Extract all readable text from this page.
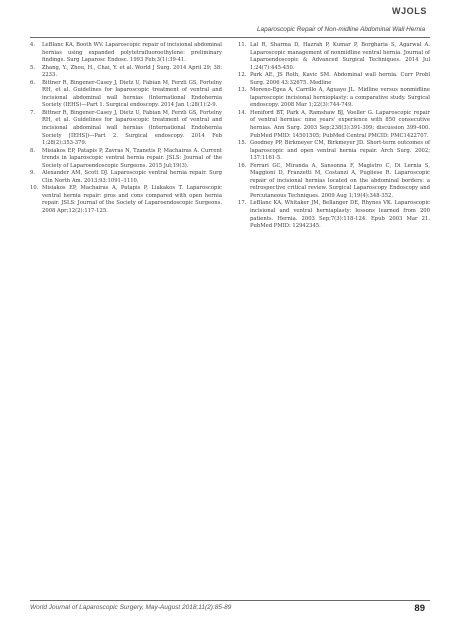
WJOLS
Laparoscopic Repair of Non-midline Abdominal Wall Hernia
4.	LeBlanc KA, Booth WV. Laparoscopic repair of incisional abdominal hernias using expanded polytetrafluoroethylene: preliminary findings. Surg Laparosc Endosc. 1993 Feb;3(1):39-41.
5.	Zhang, Y., Zhou, H., Chai, Y. et al. World J Surg. 2014 April 29; 38: 2233.
6.	Bittner R, Bingener-Casey J, Dietz U, Fabian M, Ferzli GS, Fortelny RH, et al. Guidelines for laparoscopic treatment of ventral and incisional abdominal wall hernias (International Endohernia Society (IEHS)—Part 1. Surgical endoscopy. 2014 Jan 1;28(1):2-9.
7.	Bittner R, Bingener-Casey J, Dietz U, Fabian M, Ferzli GS, Fortelny RH, et al. Guidelines for laparoscopic treatment of ventral and incisional abdominal wall hernias (International Endohernia Society [IEHS])—Part 2. Surgical endoscopy. 2014 Feb 1;28(2):353-379.
8.	Misiakos EP, Patapis P, Zavras N, Tzanetis P, Machairas A. Current trends in laparoscopic ventral hernia repair. JSLS: Journal of the Society of Laparoendoscopic Surgeons. 2015 Jul;19(3).
9.	Alexander AM, Scott DJ. Laparoscopic ventral hernia repair. Surg Clin North Am. 2013;93:1091–1110.
10. Misiakos EP, Machairas A, Patapis P, Liakakos T. Laparoscopic ventral hernia repair: pros and cons compared with open hernia repair. JSLS: Journal of the Society of Laparoendoscopic Surgeons. 2008 Apr;12(2):117-125.
11. Lal R, Sharma D, Hazrah P, Kumar P, Borgharia S, Agarwal A. Laparoscopic management of nonmidline ventral hernia. Journal of Laparoendoscopic & Advanced Surgical Techniques. 2014 Jul 1;24(7):445-450.
12. Park AE, JS Roth, Kavic SM. Abdominal wall hernia. Curr Probl Surg. 2006 43:32675. Medline
13. Moreno-Egea A, Carrillo A, Aguayo JL. Midline versus nonmidline laparoscopic incisional hernioplasty: a comparative study. Surgical endoscopy. 2008 Mar 1;22(3):744-749.
14. Heniford BT, Park A, Ramshaw BJ, Voeller G. Laparoscopic repair of ventral hernias: nine years' experience with 850 consecutive hernias. Ann Surg. 2003 Sep;238(3):391-399; discussion 399-400. PubMed PMID: 14501505; PubMed Central PMCID: PMC1422707.
15. Goodney PP, Birkmeyer CM, Birkmeyer JD. Short-term outcomes of laparoscopic and open ventral hernia repair. Arch Surg. 2002; 137:1161-5.
16. Ferrari GC, Miranda A, Sansonna F, Magistro C, Di Lernia S, Maggioni D, Franzetti M, Costanzi A, Pugliese R. Laparoscopic repair of incisional hernias located on the abdominal borders: a retrospective critical review. Surgical Laparoscopy Endoscopy and Percutaneous Techniques. 2009 Aug 1;19(4):348-352.
17. LeBlanc KA, Whitaker JM, Bellanger DE, Rhynes VK. Laparoscopic incisional and ventral herniaplasty: lessons learned from 200 patients. Hernia. 2003 Sep;7(3):118-124. Epub 2003 Mar 21. PubMed PMID: 12942345.
World Journal of Laparoscopic Surgery, May-August 2018;11(2):85-89	89
